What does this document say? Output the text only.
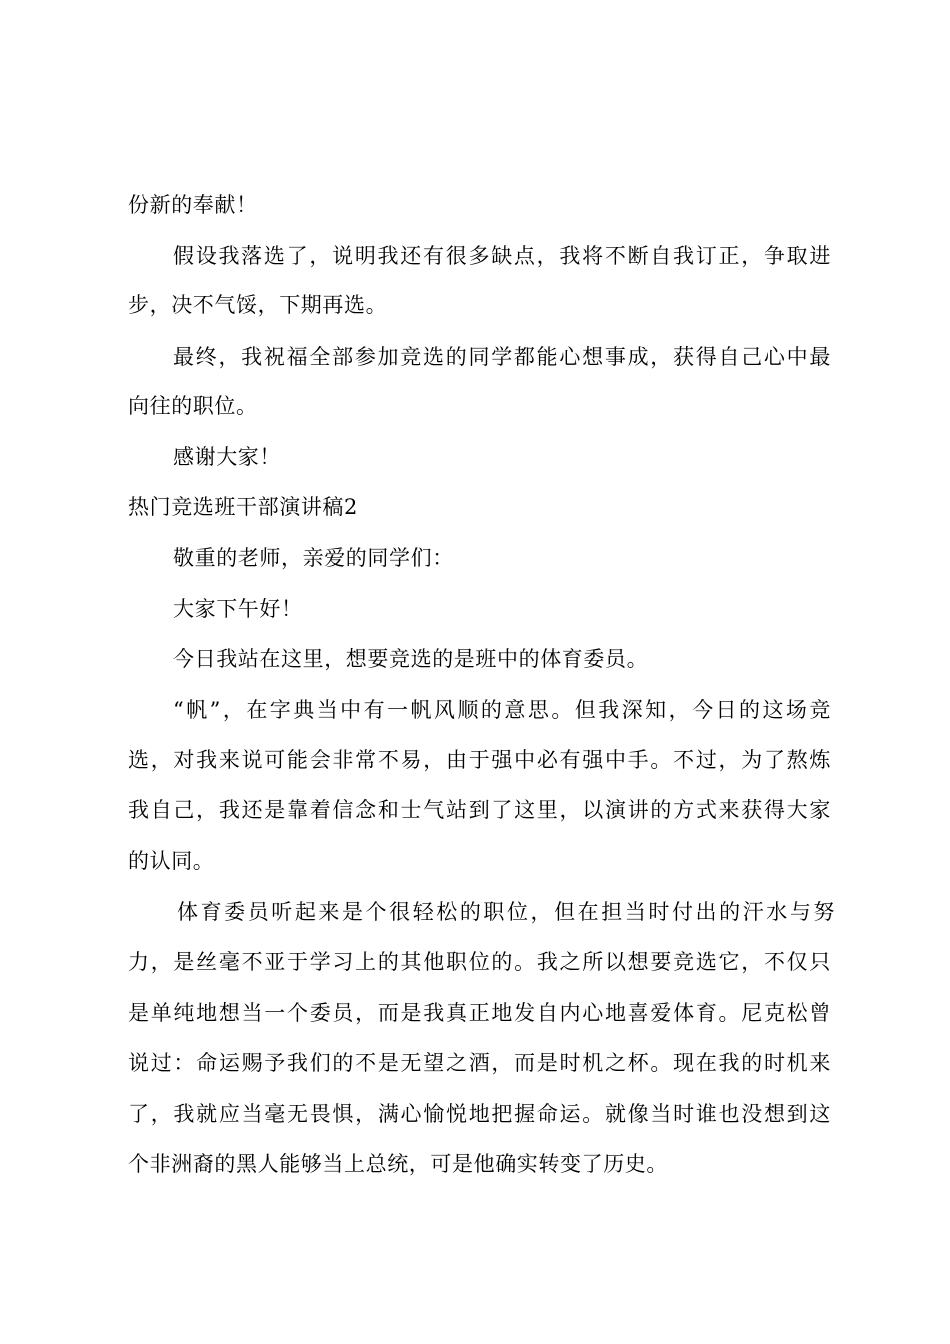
份新的奉献！
假设我落选了，说明我还有很多缺点，我将不断自我订正，争取进
步，决不气馁，下期再选。
最终，我祝福全部参加竞选的同学都能心想事成，获得自己心中最
向往的职位。
感谢大家！
热门竞选班干部演讲稿2
敬重的老师，亲爱的同学们：
大家下午好！
今日我站在这里，想要竞选的是班中的体育委员。
“帆”，在字典当中有一帆风顺的意思。但我深知，今日的这场竞
选，对我来说可能会非常不易，由于强中必有强中手。不过，为了熬炼
我自己，我还是靠着信念和士气站到了这里，以演讲的方式来获得大家
的认同。
体育委员听起来是个很轻松的职位，但在担当时付出的汗水与努
力，是丝毫不亚于学习上的其他职位的。我之所以想要竞选它，不仅只
是单纯地想当一个委员，而是我真正地发自内心地喜爱体育。尼克松曾
说过：命运赐予我们的不是无望之酒，而是时机之杯。现在我的时机来
了，我就应当毫无畏惧，满心愉悦地把握命运。就像当时谁也没想到这
个非洲裔的黑人能够当上总统，可是他确实转变了历史。
